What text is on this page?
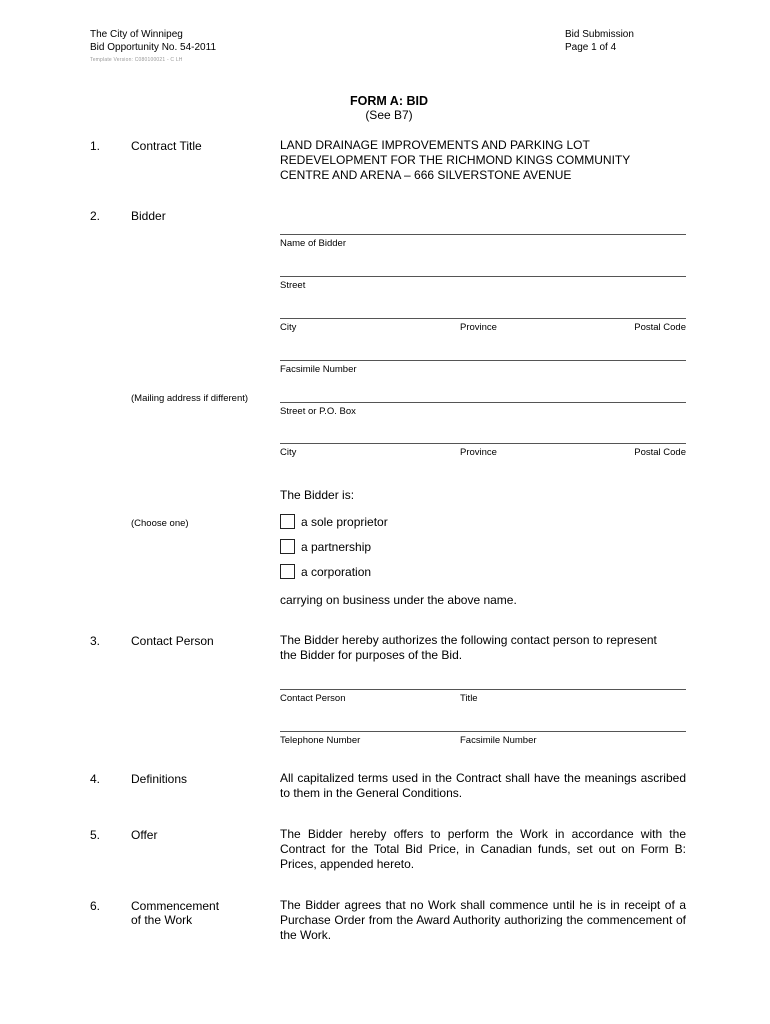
The City of Winnipeg
Bid Opportunity No. 54-2011
Template Version: C080100021 - C LH
Bid Submission
Page 1 of 4
FORM A: BID
(See B7)
1.	Contract Title	LAND DRAINAGE IMPROVEMENTS AND PARKING LOT
REDEVELOPMENT FOR THE RICHMOND KINGS COMMUNITY
CENTRE AND ARENA – 666 SILVERSTONE AVENUE
2.	Bidder
Name of Bidder
Street
City	Province	Postal Code
Facsimile Number
(Mailing address if different)
Street or P.O. Box
City	Province	Postal Code
The Bidder is:
(Choose one)	a sole proprietor
a partnership
a corporation
carrying on business under the above name.
3.	Contact Person	The Bidder hereby authorizes the following contact person to represent
the Bidder for purposes of the Bid.
Contact Person	Title
Telephone Number	Facsimile Number
4.	Definitions	All capitalized terms used in the Contract shall have the meanings ascribed to them in the General Conditions.
5.	Offer	The Bidder hereby offers to perform the Work in accordance with the Contract for the Total Bid Price, in Canadian funds, set out on Form B: Prices, appended hereto.
6.	Commencement
of the Work
The Bidder agrees that no Work shall commence until he is in receipt of a Purchase Order from the Award Authority authorizing the commencement of the Work.
